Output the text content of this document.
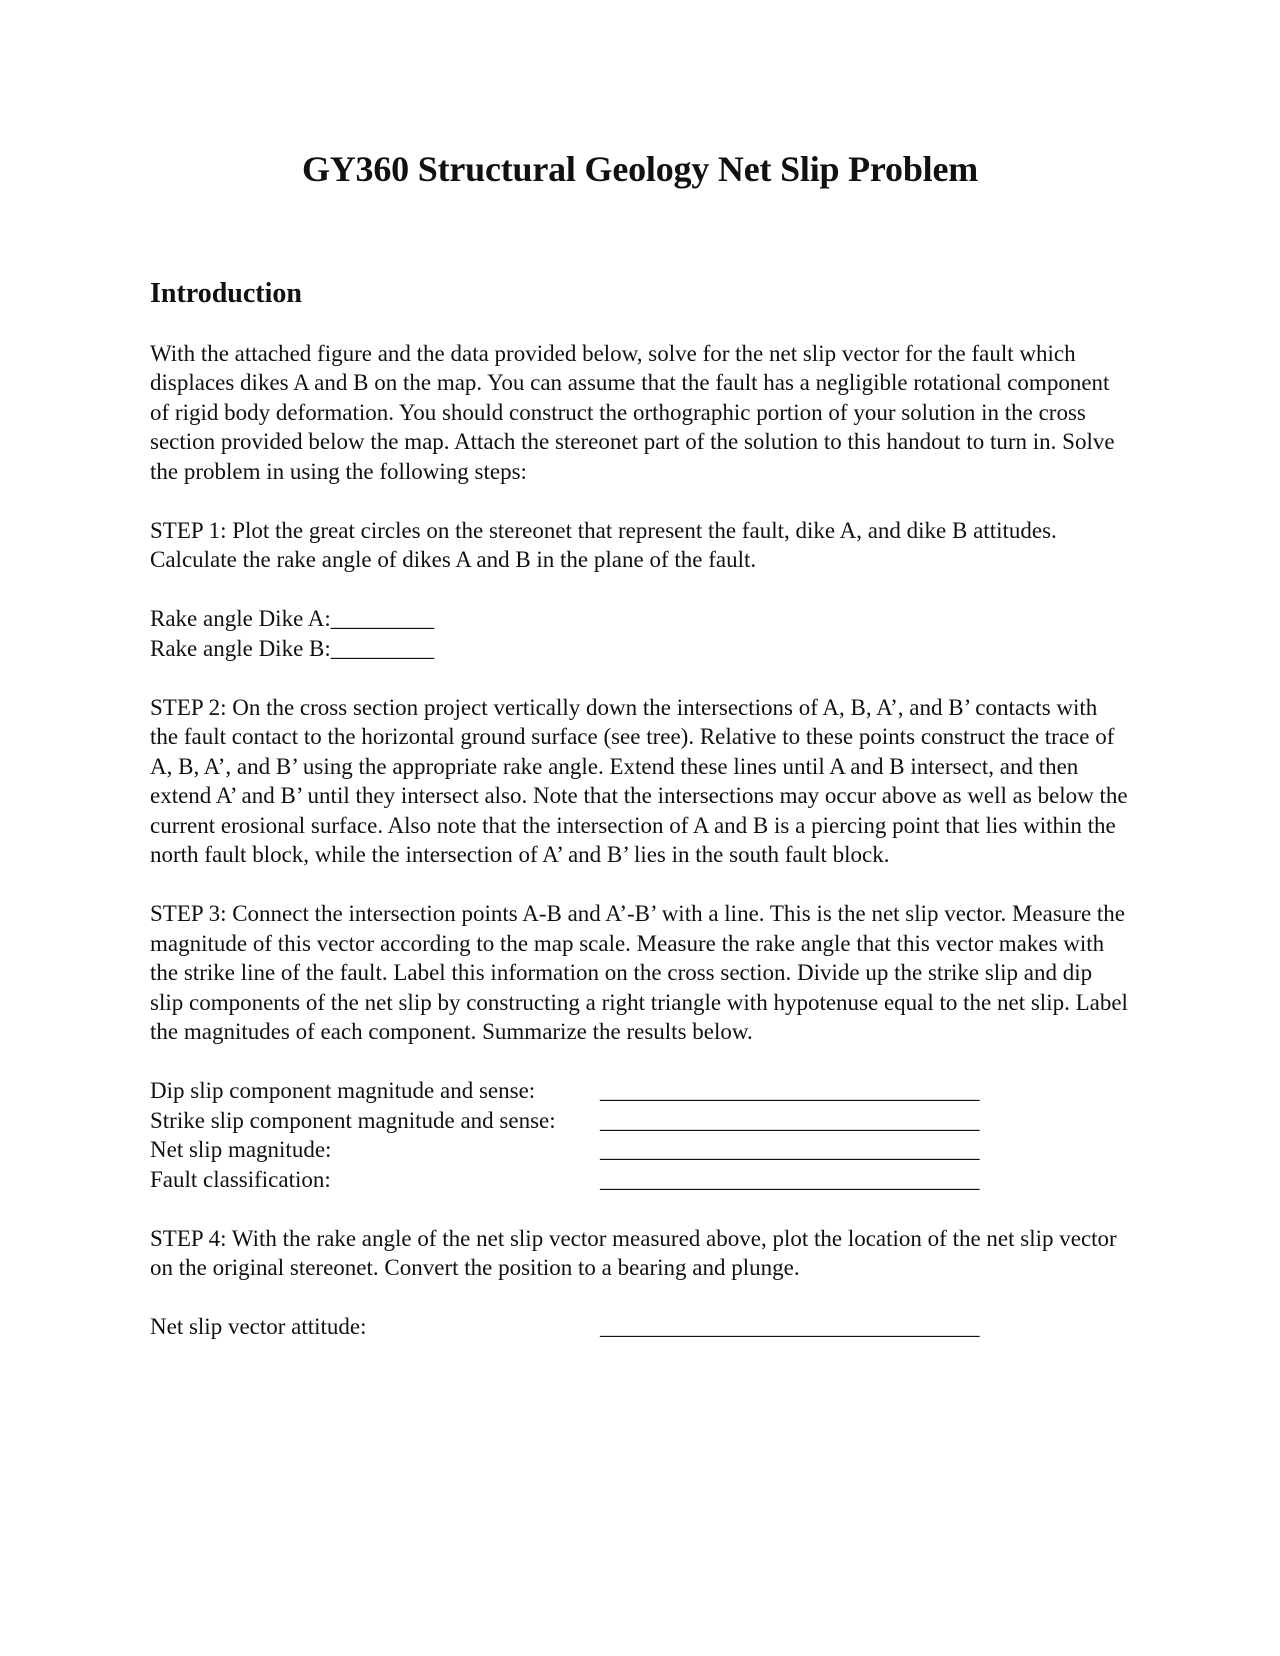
GY360 Structural Geology Net Slip Problem
Introduction

With the attached figure and the data provided below, solve for the net slip vector for the fault which displaces dikes A and B on the map. You can assume that the fault has a negligible rotational component of rigid body deformation. You should construct the orthographic portion of your solution in the cross section provided below the map. Attach the stereonet part of the solution to this handout to turn in. Solve the problem in using the following steps:

STEP 1: Plot the great circles on the stereonet that represent the fault, dike A, and dike B attitudes. Calculate the rake angle of dikes A and B in the plane of the fault.

Rake angle Dike A:_________
Rake angle Dike B:_________

STEP 2: On the cross section project vertically down the intersections of A, B, A’, and B’ contacts with the fault contact to the horizontal ground surface (see tree). Relative to these points construct the trace of A, B, A’, and B’ using the appropriate rake angle. Extend these lines until A and B intersect, and then extend A’ and B’ until they intersect also. Note that the intersections may occur above as well as below the current erosional surface. Also note that the intersection of A and B is a piercing point that lies within the north fault block, while the intersection of A’ and B’ lies in the south fault block.

STEP 3: Connect the intersection points A-B and A’-B’ with a line. This is the net slip vector. Measure the magnitude of this vector according to the map scale. Measure the rake angle that this vector makes with the strike line of the fault. Label this information on the cross section. Divide up the strike slip and dip slip components of the net slip by constructing a right triangle with hypotenuse equal to the net slip. Label the magnitudes of each component. Summarize the results below.

Dip slip component magnitude and sense:	_________________________________
Strike slip component magnitude and sense:	_________________________________
Net slip magnitude:	_________________________________
Fault classification:	_________________________________

STEP 4: With the rake angle of the net slip vector measured above, plot the location of the net slip vector on the original stereonet. Convert the position to a bearing and plunge.

Net slip vector attitude:	_________________________________
